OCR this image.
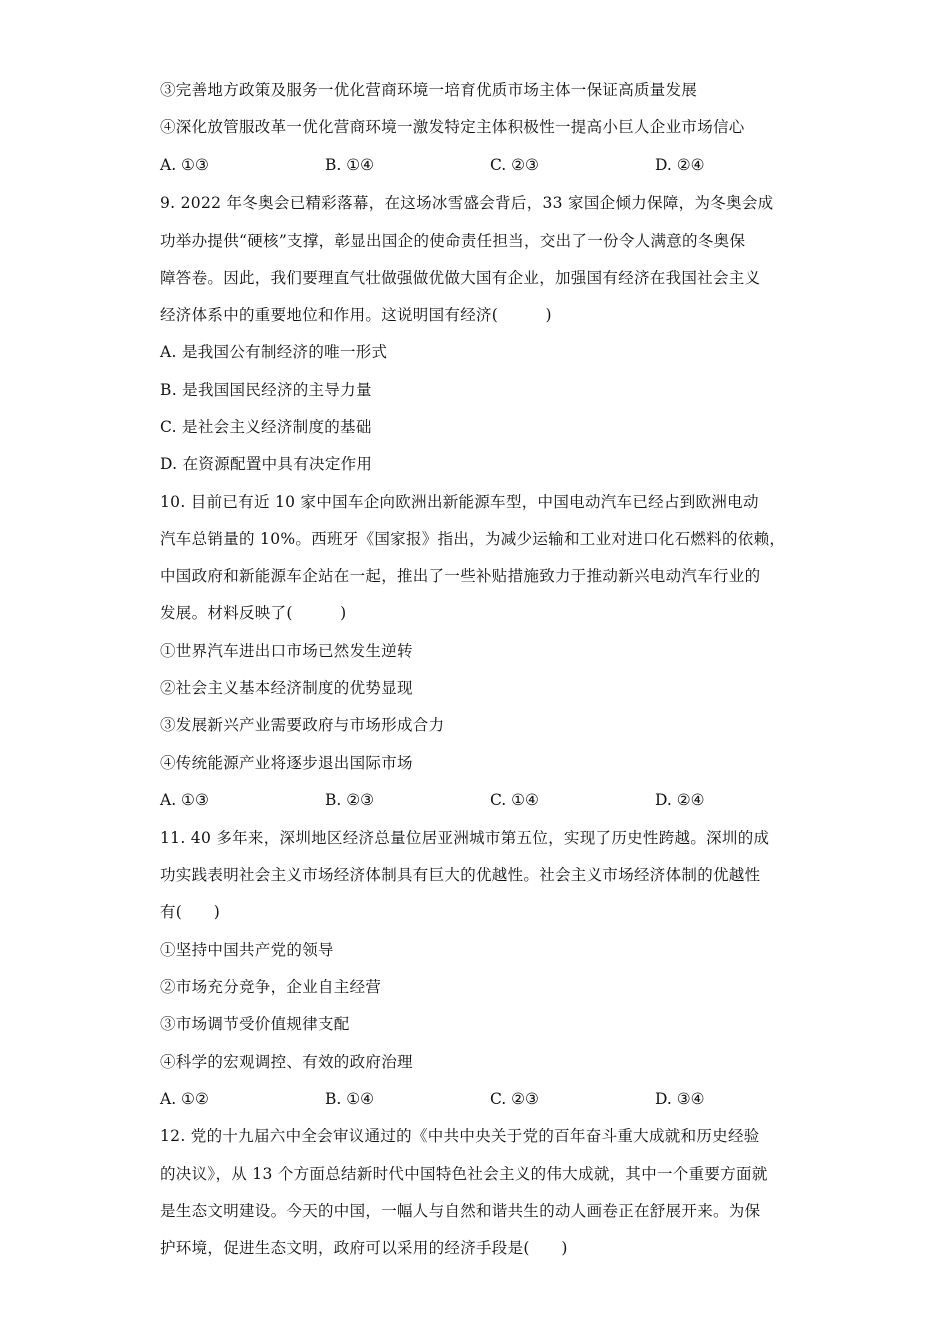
③完善地方政策及服务一优化营商环境一培育优质市场主体一保证高质量发展
④深化放管服改革一优化营商环境一激发特定主体积极性一提高小巨人企业市场信心
A. ①③	B. ①④	C. ②③	D. ②④
9. 2022 年冬奥会已精彩落幕，在这场冰雪盛会背后，33 家国企倾力保障，为冬奥会成
功举办提供“硬核”支撑，彰显出国企的使命责任担当，交出了一份令人满意的冬奥保
障答卷。因此，我们要理直气壮做强做优做大国有企业，加强国有经济在我国社会主义
经济体系中的重要地位和作用。这说明国有经济(　　　)
A. 是我国公有制经济的唯一形式
B. 是我国国民经济的主导力量
C. 是社会主义经济制度的基础
D. 在资源配置中具有决定作用
10. 目前已有近 10 家中国车企向欧洲出新能源车型，中国电动汽车已经占到欧洲电动
汽车总销量的 10%。西班牙《国家报》指出，为减少运输和工业对进口化石燃料的依赖，
中国政府和新能源车企站在一起，推出了一些补贴措施致力于推动新兴电动汽车行业的
发展。材料反映了(　　　)
①世界汽车进出口市场已然发生逆转
②社会主义基本经济制度的优势显现
③发展新兴产业需要政府与市场形成合力
④传统能源产业将逐步退出国际市场
A. ①③	B. ②③	C. ①④	D. ②④
11. 40 多年来，深圳地区经济总量位居亚洲城市第五位，实现了历史性跨越。深圳的成
功实践表明社会主义市场经济体制具有巨大的优越性。社会主义市场经济体制的优越性
有(　　)
①坚持中国共产党的领导
②市场充分竞争，企业自主经营
③市场调节受价值规律支配
④科学的宏观调控、有效的政府治理
A. ①②	B. ①④	C. ②③	D. ③④
12. 党的十九届六中全会审议通过的《中共中央关于党的百年奋斗重大成就和历史经验
的决议》，从 13 个方面总结新时代中国特色社会主义的伟大成就，其中一个重要方面就
是生态文明建设。今天的中国，一幅人与自然和谐共生的动人画卷正在舒展开来。为保
护环境，促进生态文明，政府可以采用的经济手段是(　　)
